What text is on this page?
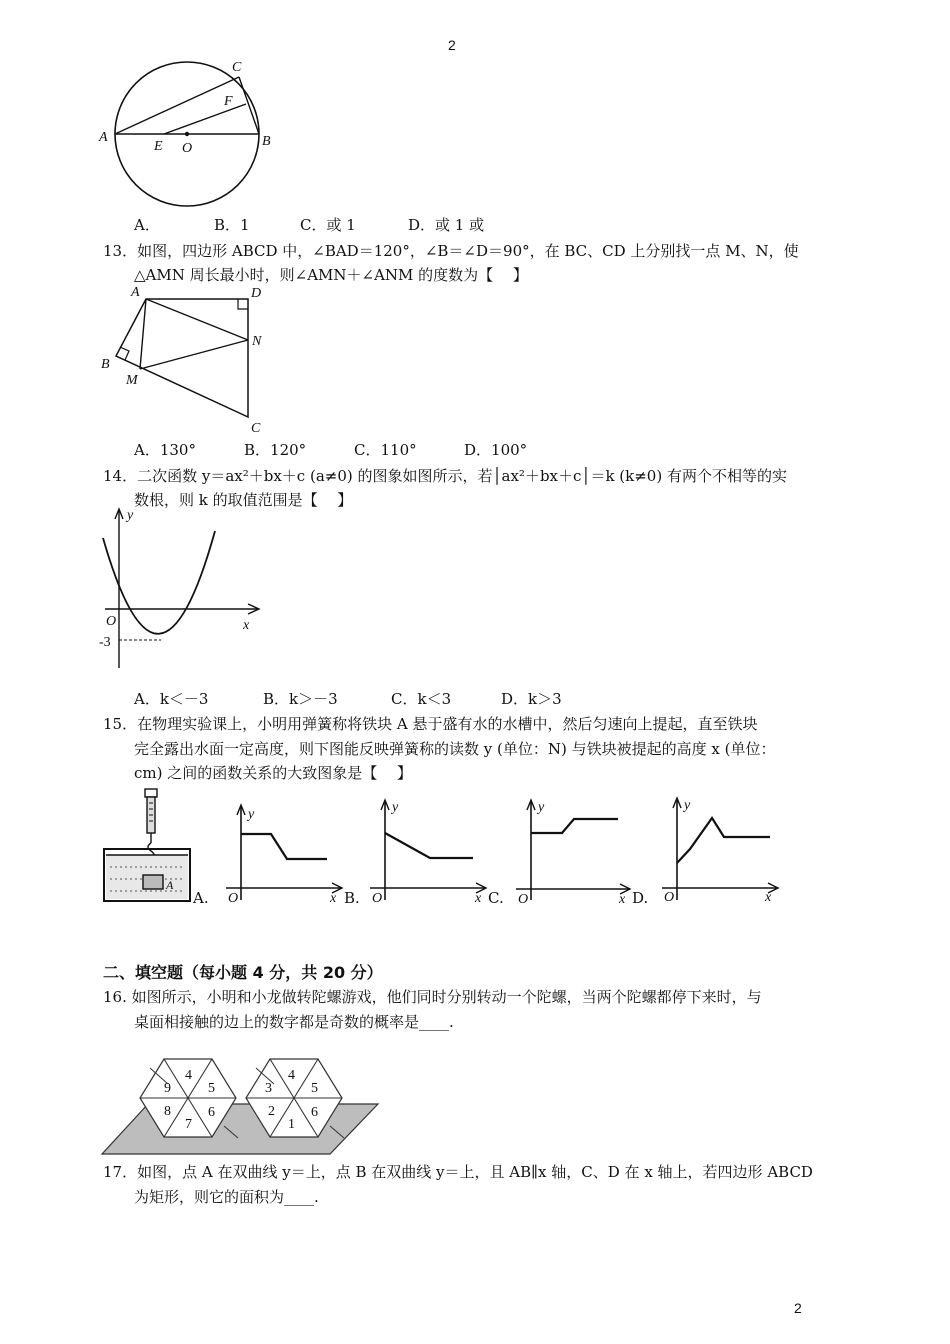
2
A	B
C
E O
F
A．	B．1	C．或 1	D．或 1 或
13．如图，四边形 ABCD 中，∠BAD＝120°，∠B＝∠D＝90°，在 BC、CD 上分别找一点 M、N，使
△AMN 周长最小时，则∠AMN＋∠ANM 的度数为【　 】
A	D
N
B
M
C
A．130°	B．120°	C．110°	D．100°
14．二次函数 y＝ax²＋bx＋c (a≠0) 的图象如图所示，若│ax²＋bx＋c│＝k (k≠0) 有两个不相等的实
数根，则 k 的取值范围是【　 】
y
x
O
-3
A．k＜－3	B．k＞－3	C．k＜3	D．k＞3
15．在物理实验课上，小明用弹簧称将铁块 A 悬于盛有水的水槽中，然后匀速向上提起，直至铁块
完全露出水面一定高度，则下图能反映弹簧称的读数 y (单位：N) 与铁块被提起的高度 x (单位：
cm) 之间的函数关系的大致图象是【　 】
A
A.
y
x
O	B.
y
x
O	C.
y
x
O	D.
y
x
O
二、填空题（每小题 4 分，共 20 分）
16. 如图所示，小明和小龙做转陀螺游戏，他们同时分别转动一个陀螺，当两个陀螺都停下来时，与
桌面相接触的边上的数字都是奇数的概率是____.
4
5
6
7
8
9
4
5
6
1
2
3
17．如图，点 A 在双曲线 y＝上，点 B 在双曲线 y＝上，且 AB∥x 轴，C、D 在 x 轴上，若四边形 ABCD
为矩形，则它的面积为____.
2
